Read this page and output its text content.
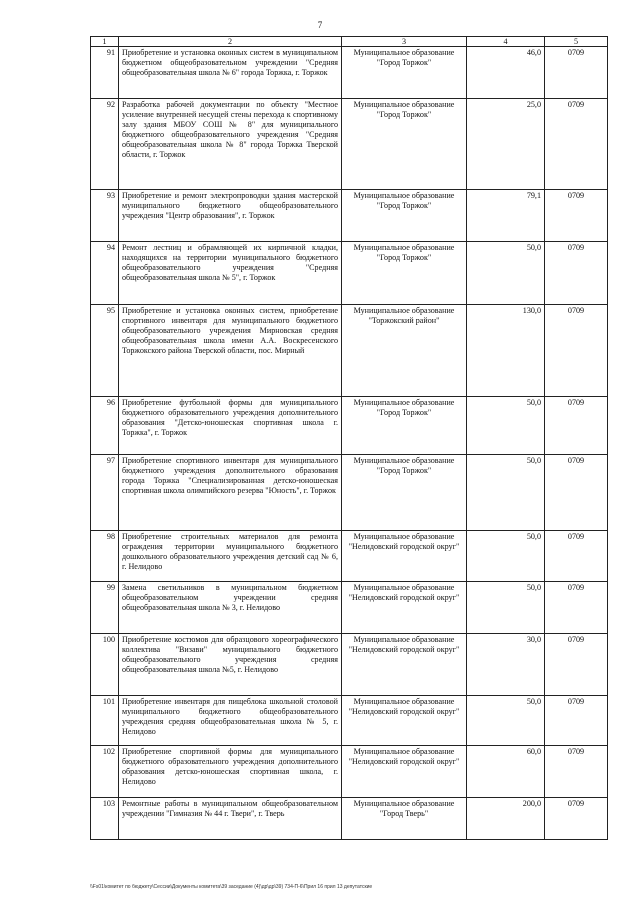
7
1	2	3	4	5
91	Приобретение и установка оконных систем в муниципальном бюджетном общеобразовательном учреждении "Средняя общеобразовательная школа № 6" города Торжка, г. Торжок	Муниципальное образование "Город Торжок"	46,0	0709
92	Разработка рабочей документации по объекту "Местное усиление внутренней несущей стены перехода к спортивному залу здания МБОУ СОШ № 8" для муниципального бюджетного общеобразовательного учреждения "Средняя общеобразовательная школа № 8" города Торжка Тверской области, г. Торжок	Муниципальное образование "Город Торжок"	25,0	0709
93	Приобретение и ремонт электропроводки здания мастерской муниципального бюджетного общеобразовательного учреждения "Центр образования", г. Торжок	Муниципальное образование "Город Торжок"	79,1	0709
94	Ремонт лестниц и обрамляющей их кирпичной кладки, находящихся на территории муниципального бюджетного общеобразовательного учреждения "Средняя общеобразовательная школа № 5", г. Торжок	Муниципальное образование "Город Торжок"	50,0	0709
95	Приобретение и установка оконных систем, приобретение спортивного инвентаря для муниципального бюджетного общеобразовательного учреждения Мирновская средняя общеобразовательная школа имени А.А. Воскресенского Торжокского района Тверской области, пос. Мирный	Муниципальное образование "Торжокский район"	130,0	0709
96	Приобретение футбольной формы для муниципального бюджетного образовательного учреждения дополнительного образования "Детско-юношеская спортивная школа г. Торжка", г. Торжок	Муниципальное образование "Город Торжок"	50,0	0709
97	Приобретение спортивного инвентаря для муниципального бюджетного учреждения дополнительного образования города Торжка "Специализированная детско-юношеская спортивная школа олимпийского резерва "Юность", г. Торжок	Муниципальное образование "Город Торжок"	50,0	0709
98	Приобретение строительных материалов для ремонта ограждения территории муниципального бюджетного дошкольного образовательного учреждения детский сад № 6, г. Нелидово	Муниципальное образование "Нелидовский городской округ"	50,0	0709
99	Замена светильников в муниципальном бюджетном общеобразовательном учреждении средняя общеобразовательная школа № 3, г. Нелидово	Муниципальное образование "Нелидовский городской округ"	50,0	0709
100	Приобретение костюмов для образцового хореографического коллектива "Визави" муниципального бюджетного общеобразовательного учреждения средняя общеобразовательная школа №5, г. Нелидово	Муниципальное образование "Нелидовский городской округ"	30,0	0709
101	Приобретение инвентаря для пищеблока школьной столовой муниципального бюджетного общеобразовательного учреждения средняя общеобразовательная школа № 5, г. Нелидово	Муниципальное образование "Нелидовский городской округ"	50,0	0709
102	Приобретение спортивной формы для муниципального бюджетного образовательного учреждения дополнительного образования детско-юношеская спортивная школа, г. Нелидово	Муниципальное образование "Нелидовский городской округ"	60,0	0709
103	Ремонтные работы в муниципальном общеобразовательном учреждении "Гимназия № 44 г. Твери", г. Тверь	Муниципальное образование "Город Тверь"	200,0	0709
\\Fs01\комитет по бюджету\Сессии\Документы комитета\39 заседание (4)\др\др\39) 734-П-6\Прил 16 прил 13 депутатские
